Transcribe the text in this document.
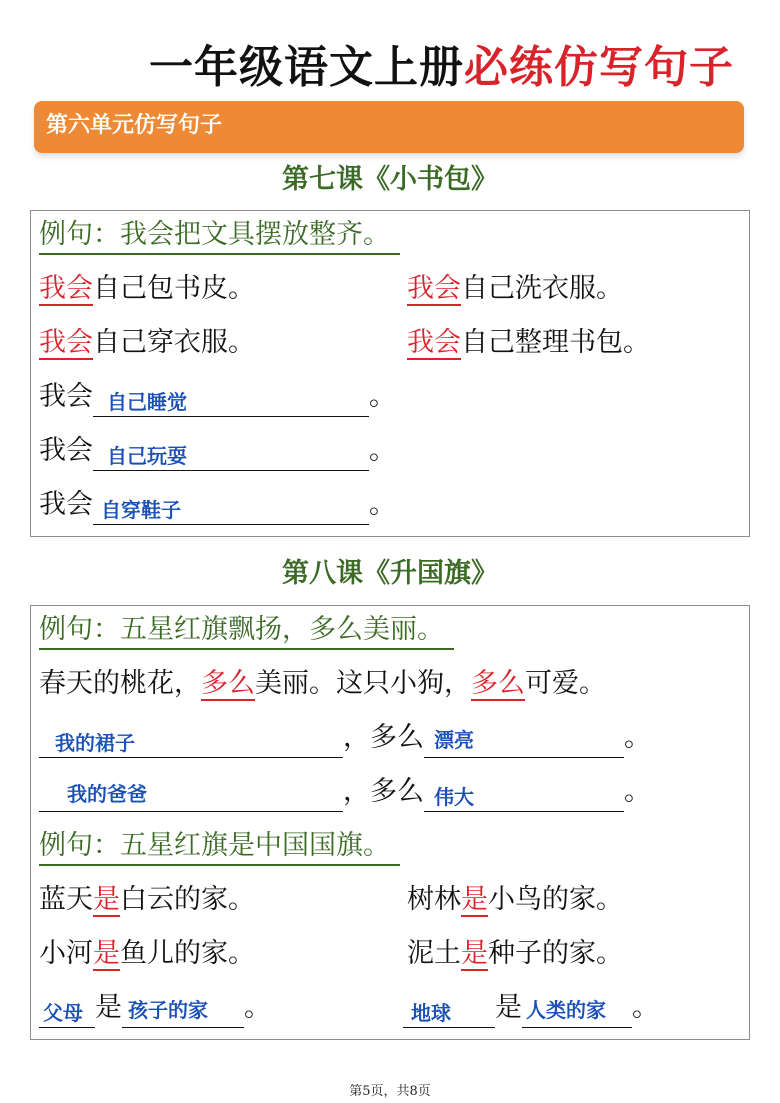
一年级语文上册必练仿写句子
第六单元仿写句子
第七课《小书包》
例句：我会把文具摆放整齐。
我会自己包书皮。	我会自己洗衣服。
我会自己穿衣服。	我会自己整理书包。
我会 自己睡觉	。
我会 自己玩耍	。
我会 自穿鞋子	。
第八课《升国旗》
例句：五星红旗飘扬，多么美丽。
春天的桃花，多么美丽。这只小狗，多么可爱。
我的裙子	，多么 漂亮	。
我的爸爸	，多么 伟大	。
例句：五星红旗是中国国旗。
蓝天是白云的家。	树林是小鸟的家。
小河是鱼儿的家。	泥土是种子的家。
父母 是 孩子的家 。	地球 是 人类的家 。
第5页，共8页
